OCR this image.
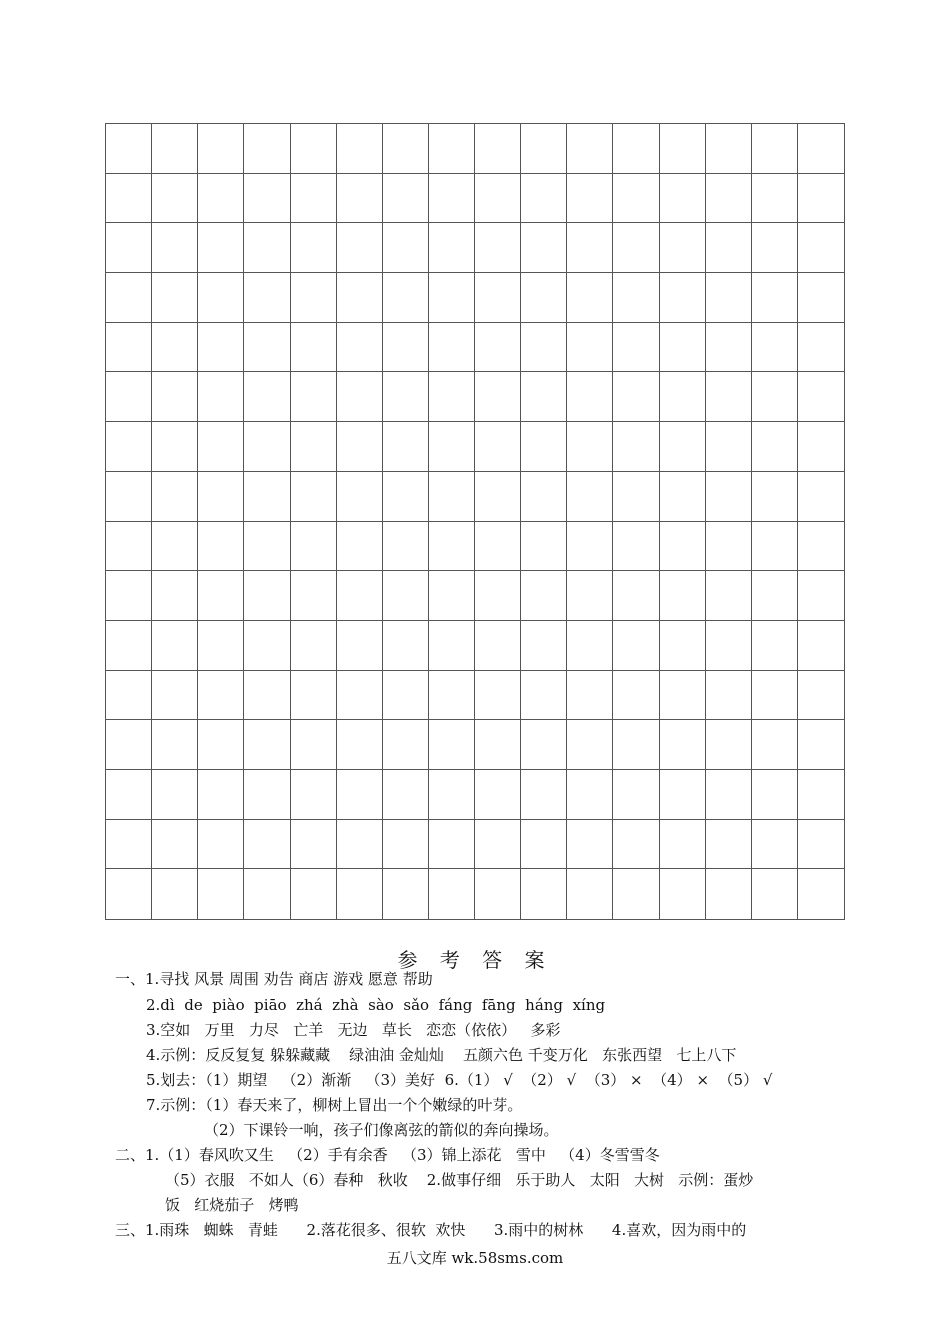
参 考 答 案
一、1.寻找 风景 周围 劝告 商店 游戏 愿意 帮助
2.dì  de  piào  piāo  zhá  zhà  sào  sǎo  fáng  fāng  háng  xíng
3.空如   万里   力尽   亡羊   无边   草长   恋恋（依依）   多彩
4.示例：反反复复 躲躲藏藏    绿油油 金灿灿    五颜六色 千变万化   东张西望   七上八下
5.划去：（1）期望   （2）渐渐   （3）美好  6.（1） √  （2） √  （3） ×  （4） ×  （5） √
7.示例：（1）春天来了，柳树上冒出一个个嫩绿的叶芽。
（2）下课铃一响，孩子们像离弦的箭似的奔向操场。
二、1.（1）春风吹又生   （2）手有余香   （3）锦上添花   雪中   （4）冬雪雪冬
（5）衣服   不如人（6）春种   秋收    2.做事仔细   乐于助人   太阳   大树   示例：蛋炒
饭   红烧茄子   烤鸭
三、1.雨珠   蜘蛛   青蛙      2.落花很多、很软  欢快      3.雨中的树林      4.喜欢，因为雨中的
五八文库 wk.58sms.com
